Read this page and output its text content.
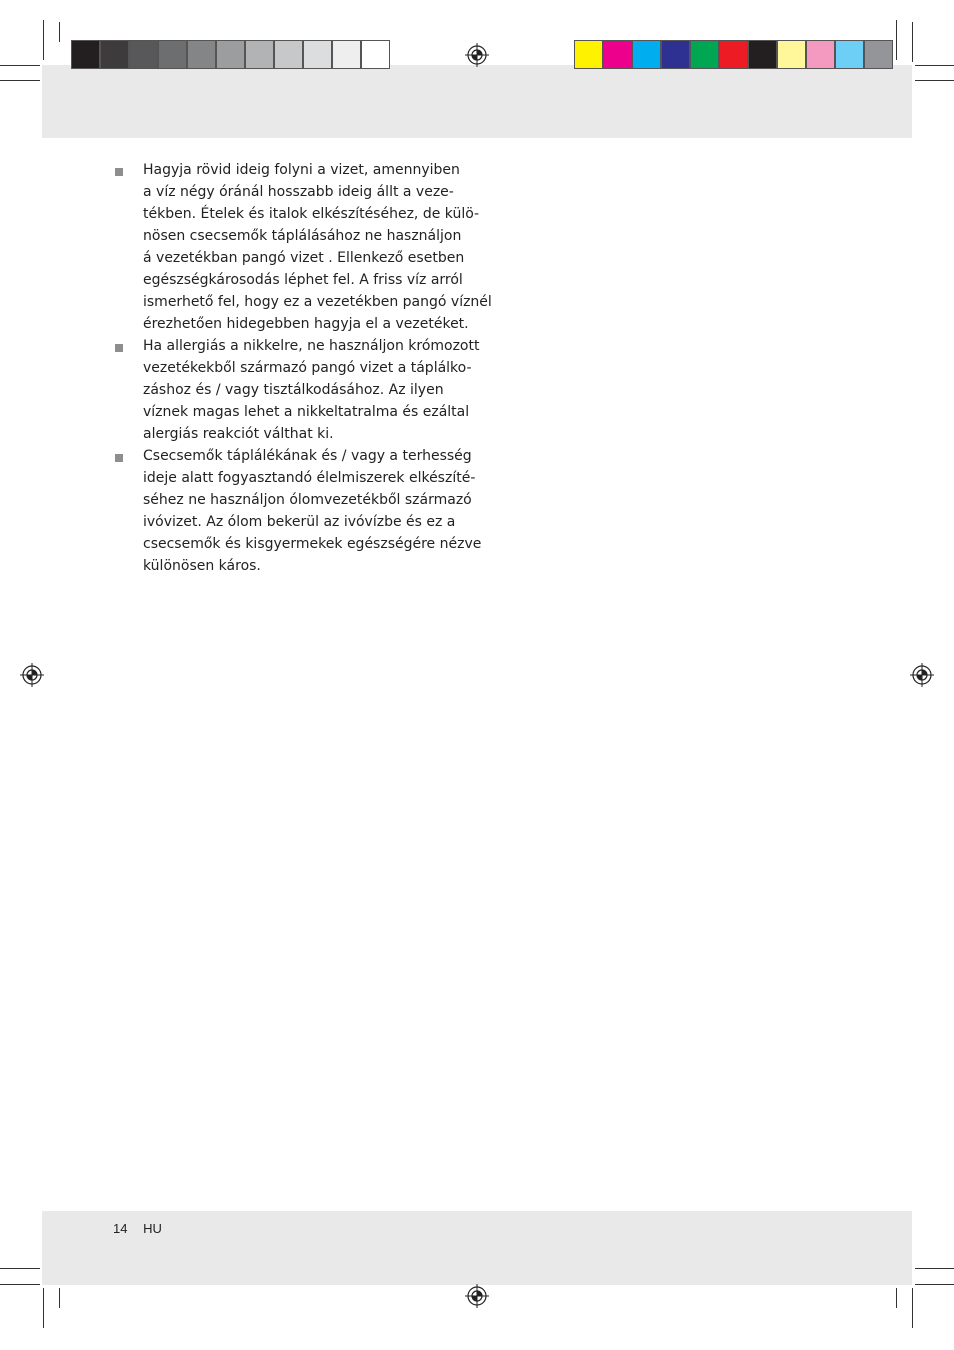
Hagyja rövid ideig folyni a vizet, amennyiben
a víz négy óránál hosszabb ideig állt a veze-
tékben. Ételek és italok elkészítéséhez, de külö-
nösen csecsemők táplálásához ne használjon
á vezetékban pangó vizet . Ellenkező esetben
egészségkárosodás léphet fel. A friss víz arról
ismerhető fel, hogy ez a vezetékben pangó víznél
érezhetően hidegebben hagyja el a vezetéket.
Ha allergiás a nikkelre, ne használjon krómozott
vezetékekből származó pangó vizet a táplálko-
záshoz és / vagy tisztálkodásához. Az ilyen
víznek magas lehet a nikkeltatralma és ezáltal
alergiás reakciót válthat ki.
Csecsemők táplálékának és / vagy a terhesség
ideje alatt fogyasztandó élelmiszerek elkészíté-
séhez ne használjon ólomvezetékből származó
ivóvizet. Az ólom bekerül az ivóvízbe és ez a
csecsemők és kisgyermekek egészségére nézve
különösen káros.
14 HU
